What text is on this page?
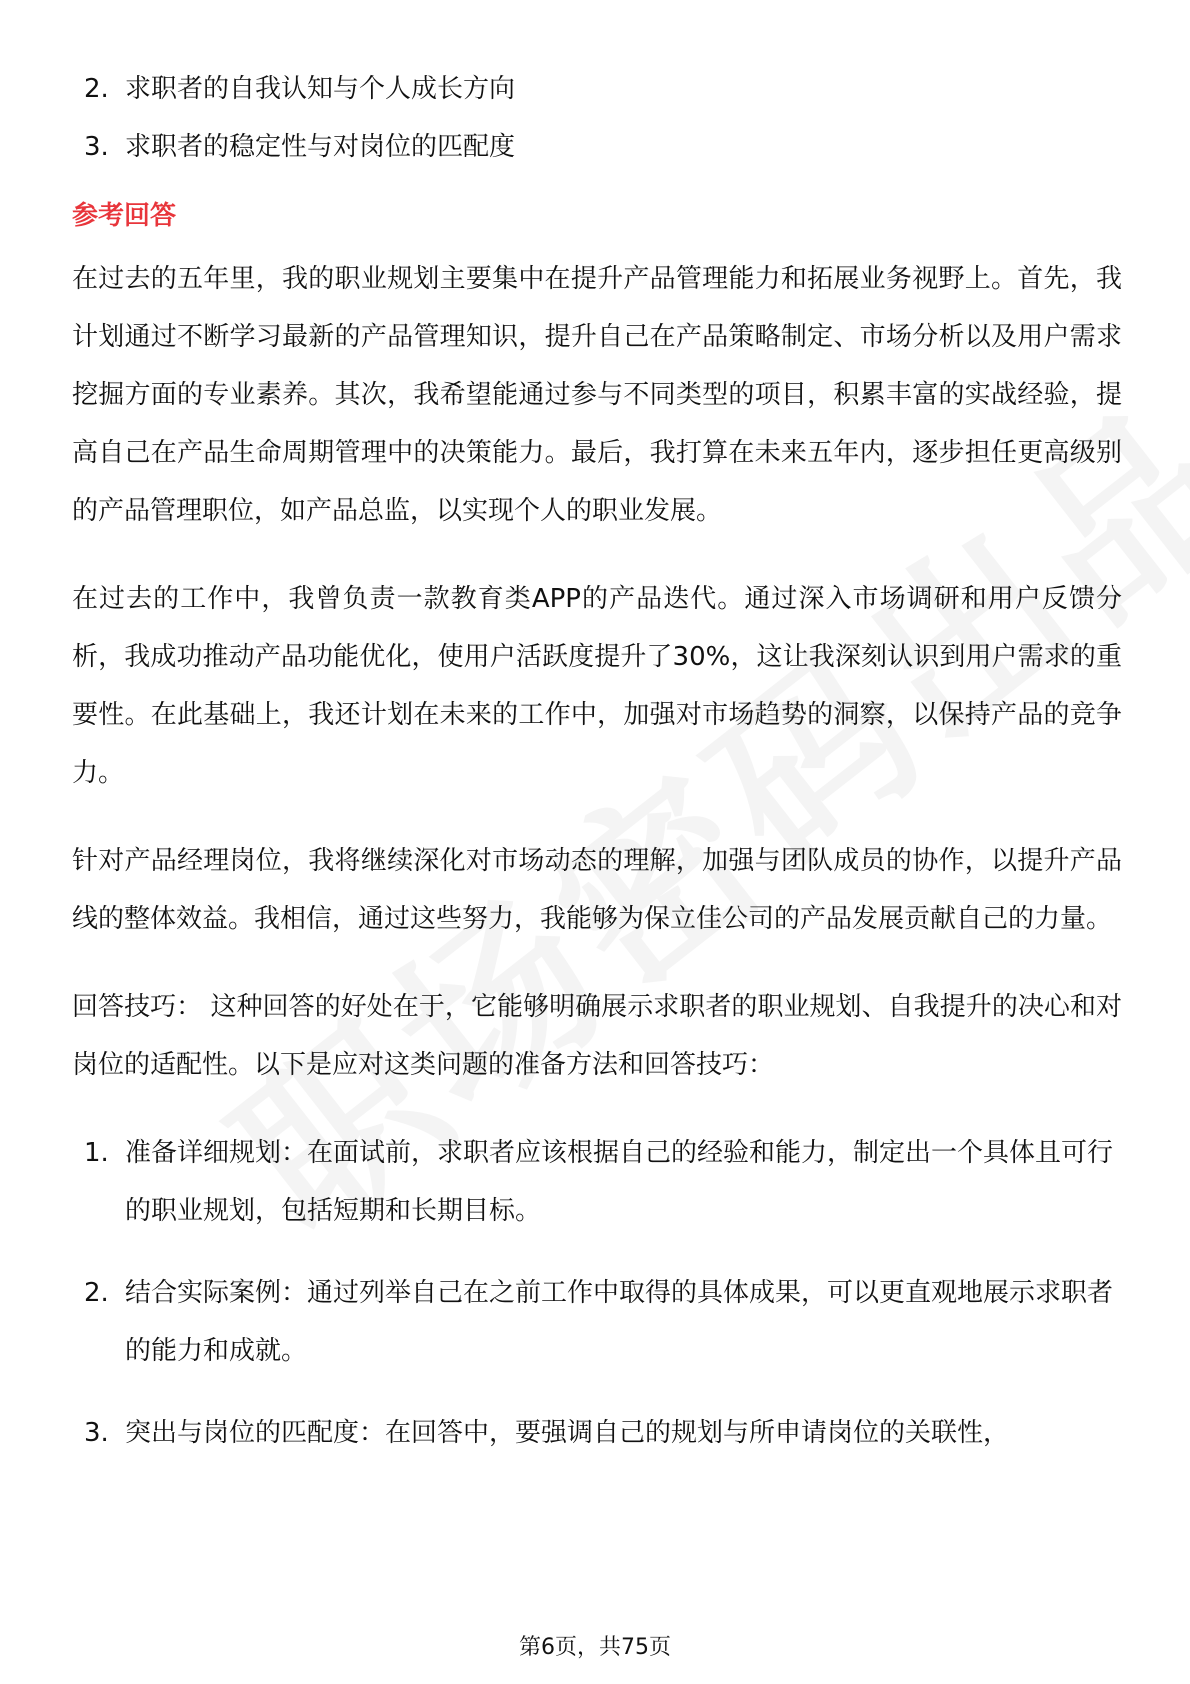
2. 求职者的自我认知与个人成长方向
3. 求职者的稳定性与对岗位的匹配度
参考回答

在过去的五年里，我的职业规划主要集中在提升产品管理能力和拓展业务视野上。首先，我计划通过不断学习最新的产品管理知识，提升自己在产品策略制定、市场分析以及用户需求挖掘方面的专业素养。其次，我希望能通过参与不同类型的项目，积累丰富的实战经验，提高自己在产品生命周期管理中的决策能力。最后，我打算在未来五年内，逐步担任更高级别的产品管理职位，如产品总监，以实现个人的职业发展。

在过去的工作中，我曾负责一款教育类APP的产品迭代。通过深入市场调研和用户反馈分析，我成功推动产品功能优化，使用户活跃度提升了30%，这让我深刻认识到用户需求的重要性。在此基础上，我还计划在未来的工作中，加强对市场趋势的洞察，以保持产品的竞争力。

针对产品经理岗位，我将继续深化对市场动态的理解，加强与团队成员的协作，以提升产品线的整体效益。我相信，通过这些努力，我能够为保立佳公司的产品发展贡献自己的力量。

回答技巧： 这种回答的好处在于，它能够明确展示求职者的职业规划、自我提升的决心和对岗位的适配性。以下是应对这类问题的准备方法和回答技巧：

1. 准备详细规划：在面试前，求职者应该根据自己的经验和能力，制定出一个具体且可行的职业规划，包括短期和长期目标。
2. 结合实际案例：通过列举自己在之前工作中取得的具体成果，可以更直观地展示求职者的能力和成就。
3. 突出与岗位的匹配度：在回答中，要强调自己的规划与所申请岗位的关联性，
第6页，共75页
